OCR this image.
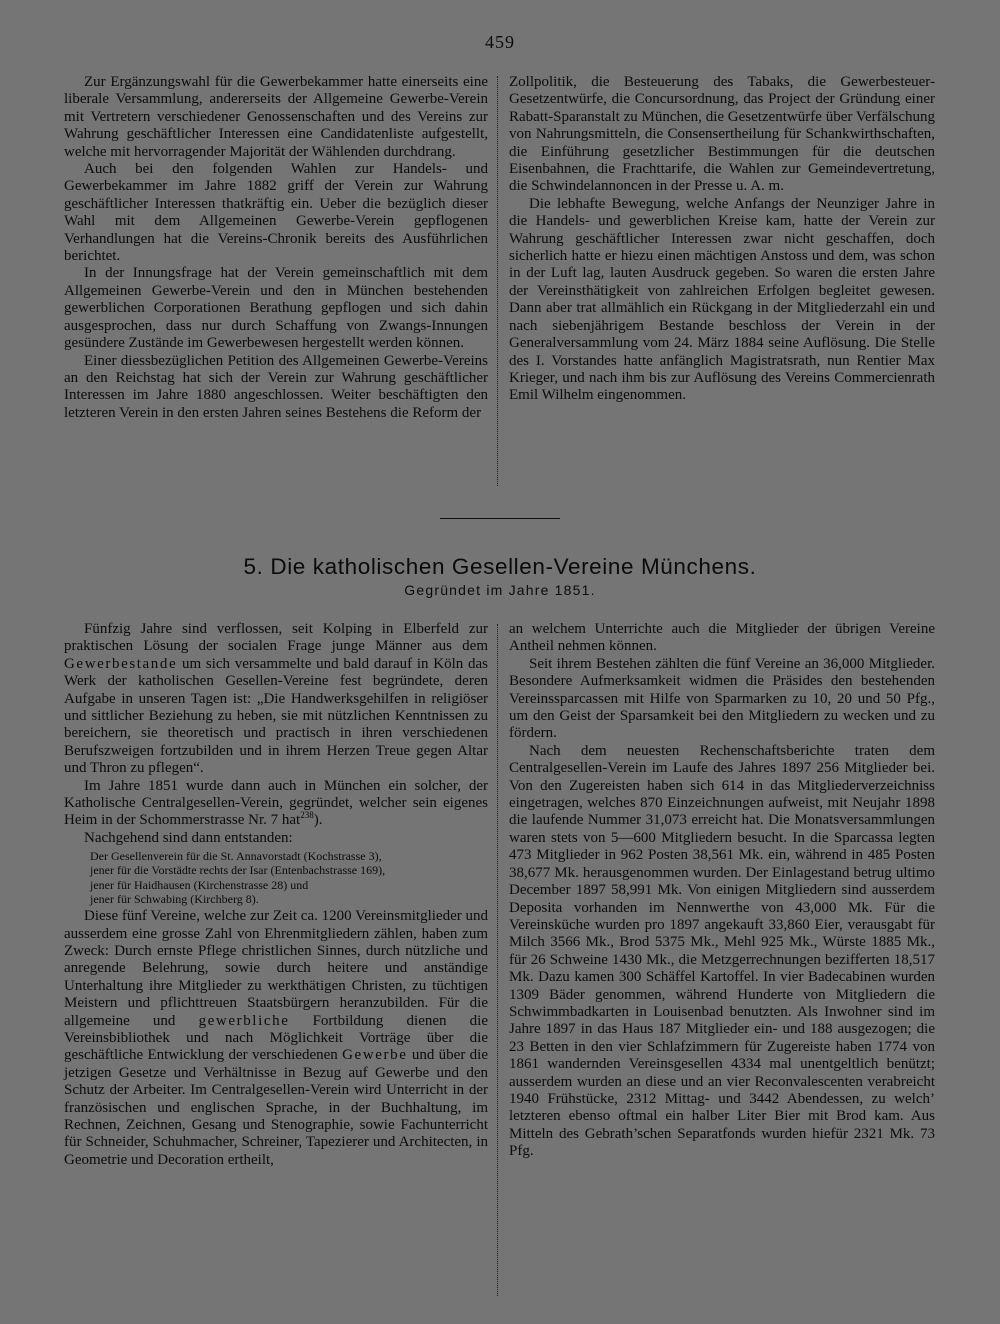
459

Zur Ergänzungswahl für die Gewerbekammer hatte einerseits eine liberale Versammlung, andererseits der Allgemeine Gewerbe-Verein mit Vertretern verschiedener Genossenschaften und des Vereins zur Wahrung geschäftlicher Interessen eine Candidatenliste aufgestellt, welche mit hervorragender Majorität der Wählenden durchdrang.

Auch bei den folgenden Wahlen zur Handels- und Gewerbekammer im Jahre 1882 griff der Verein zur Wahrung geschäftlicher Interessen thatkräftig ein. Ueber die bezüglich dieser Wahl mit dem Allgemeinen Gewerbe-Verein gepflogenen Verhandlungen hat die Vereins-Chronik bereits des Ausführlichen berichtet.

In der Innungsfrage hat der Verein gemeinschaftlich mit dem Allgemeinen Gewerbe-Verein und den in München bestehenden gewerblichen Corporationen Berathung gepflogen und sich dahin ausgesprochen, dass nur durch Schaffung von Zwangs-Innungen gesündere Zustände im Gewerbewesen hergestellt werden können.

Einer diessbezüglichen Petition des Allgemeinen Gewerbe-Vereins an den Reichstag hat sich der Verein zur Wahrung geschäftlicher Interessen im Jahre 1880 angeschlossen. Weiter beschäftigten den letzteren Verein in den ersten Jahren seines Bestehens die Reform der

Zollpolitik, die Besteuerung des Tabaks, die Gewerbesteuer-Gesetzentwürfe, die Concursordnung, das Project der Gründung einer Rabatt-Sparanstalt zu München, die Gesetzentwürfe über Verfälschung von Nahrungsmitteln, die Consensertheilung für Schankwirthschaften, die Einführung gesetzlicher Bestimmungen für die deutschen Eisenbahnen, die Frachttarife, die Wahlen zur Gemeindevertretung, die Schwindelannoncen in der Presse u. A. m.

Die lebhafte Bewegung, welche Anfangs der Neunziger Jahre in die Handels- und gewerblichen Kreise kam, hatte der Verein zur Wahrung geschäftlicher Interessen zwar nicht geschaffen, doch sicherlich hatte er hiezu einen mächtigen Anstoss und dem, was schon in der Luft lag, lauten Ausdruck gegeben. So waren die ersten Jahre der Vereinsthätigkeit von zahlreichen Erfolgen begleitet gewesen. Dann aber trat allmählich ein Rückgang in der Mitgliederzahl ein und nach siebenjährigem Bestande beschloss der Verein in der Generalversammlung vom 24. März 1884 seine Auflösung. Die Stelle des I. Vorstandes hatte anfänglich Magistratsrath, nun Rentier Max Krieger, und nach ihm bis zur Auflösung des Vereins Commercienrath Emil Wilhelm eingenommen.

5. Die katholischen Gesellen-Vereine Münchens.
Gegründet im Jahre 1851.

Fünfzig Jahre sind verflossen, seit Kolping in Elberfeld zur praktischen Lösung der socialen Frage junge Männer aus dem Gewerbestande um sich versammelte und bald darauf in Köln das Werk der katholischen Gesellen-Vereine fest begründete, deren Aufgabe in unseren Tagen ist: „Die Handwerksgehilfen in religiöser und sittlicher Beziehung zu heben, sie mit nützlichen Kenntnissen zu bereichern, sie theoretisch und practisch in ihren verschiedenen Berufszweigen fortzubilden und in ihrem Herzen Treue gegen Altar und Thron zu pflegen“.

Im Jahre 1851 wurde dann auch in München ein solcher, der Katholische Centralgesellen-Verein, gegründet, welcher sein eigenes Heim in der Schommerstrasse Nr. 7 hat$^{238}$).

Nachgehend sind dann entstanden:

Der Gesellenverein für die St. Annavorstadt (Kochstrasse 3),
jener für die Vorstädte rechts der Isar (Entenbachstrasse 169),
jener für Haidhausen (Kirchenstrasse 28) und
jener für Schwabing (Kirchberg 8).

Diese fünf Vereine, welche zur Zeit ca. 1200 Vereinsmitglieder und ausserdem eine grosse Zahl von Ehrenmitgliedern zählen, haben zum Zweck: Durch ernste Pflege christlichen Sinnes, durch nützliche und anregende Belehrung, sowie durch heitere und anständige Unterhaltung ihre Mitglieder zu werkthätigen Christen, zu tüchtigen Meistern und pflichttreuen Staatsbürgern heranzubilden. Für die allgemeine und gewerbliche Fortbildung dienen die Vereinsbibliothek und nach Möglichkeit Vorträge über die geschäftliche Entwicklung der verschiedenen Gewerbe und über die jetzigen Gesetze und Verhältnisse in Bezug auf Gewerbe und den Schutz der Arbeiter. Im Centralgesellen-Verein wird Unterricht in der französischen und englischen Sprache, in der Buchhaltung, im Rechnen, Zeichnen, Gesang und Stenographie, sowie Fachunterricht für Schneider, Schuhmacher, Schreiner, Tapezierer und Architecten, in Geometrie und Decoration ertheilt,

an welchem Unterrichte auch die Mitglieder der übrigen Vereine Antheil nehmen können.

Seit ihrem Bestehen zählten die fünf Vereine an 36,000 Mitglieder. Besondere Aufmerksamkeit widmen die Präsides den bestehenden Vereinssparcassen mit Hilfe von Sparmarken zu 10, 20 und 50 Pfg., um den Geist der Sparsamkeit bei den Mitgliedern zu wecken und zu fördern.

Nach dem neuesten Rechenschaftsberichte traten dem Centralgesellen-Verein im Laufe des Jahres 1897 256 Mitglieder bei. Von den Zugereisten haben sich 614 in das Mitgliederverzeichniss eingetragen, welches 870 Einzeichnungen aufweist, mit Neujahr 1898 die laufende Nummer 31,073 erreicht hat. Die Monatsversammlungen waren stets von 5—600 Mitgliedern besucht. In die Sparcassa legten 473 Mitglieder in 962 Posten 38,561 Mk. ein, während in 485 Posten 38,677 Mk. herausgenommen wurden. Der Einlagestand betrug ultimo December 1897 58,991 Mk. Von einigen Mitgliedern sind ausserdem Deposita vorhanden im Nennwerthe von 43,000 Mk. Für die Vereinsküche wurden pro 1897 angekauft 33,860 Eier, verausgabt für Milch 3566 Mk., Brod 5375 Mk., Mehl 925 Mk., Würste 1885 Mk., für 26 Schweine 1430 Mk., die Metzgerrechnungen bezifferten 18,517 Mk. Dazu kamen 300 Schäffel Kartoffel. In vier Badecabinen wurden 1309 Bäder genommen, während Hunderte von Mitgliedern die Schwimmbadkarten in Louisenbad benutzten. Als Inwohner sind im Jahre 1897 in das Haus 187 Mitglieder ein- und 188 ausgezogen; die 23 Betten in den vier Schlafzimmern für Zugereiste haben 1774 von 1861 wandernden Vereinsgesellen 4334 mal unentgeltlich benützt; ausserdem wurden an diese und an vier Reconvalescenten verabreicht 1940 Frühstücke, 2312 Mittag- und 3442 Abendessen, zu welch’ letzteren ebenso oftmal ein halber Liter Bier mit Brod kam. Aus Mitteln des Gebrath’schen Separatfonds wurden hiefür 2321 Mk. 73 Pfg.
